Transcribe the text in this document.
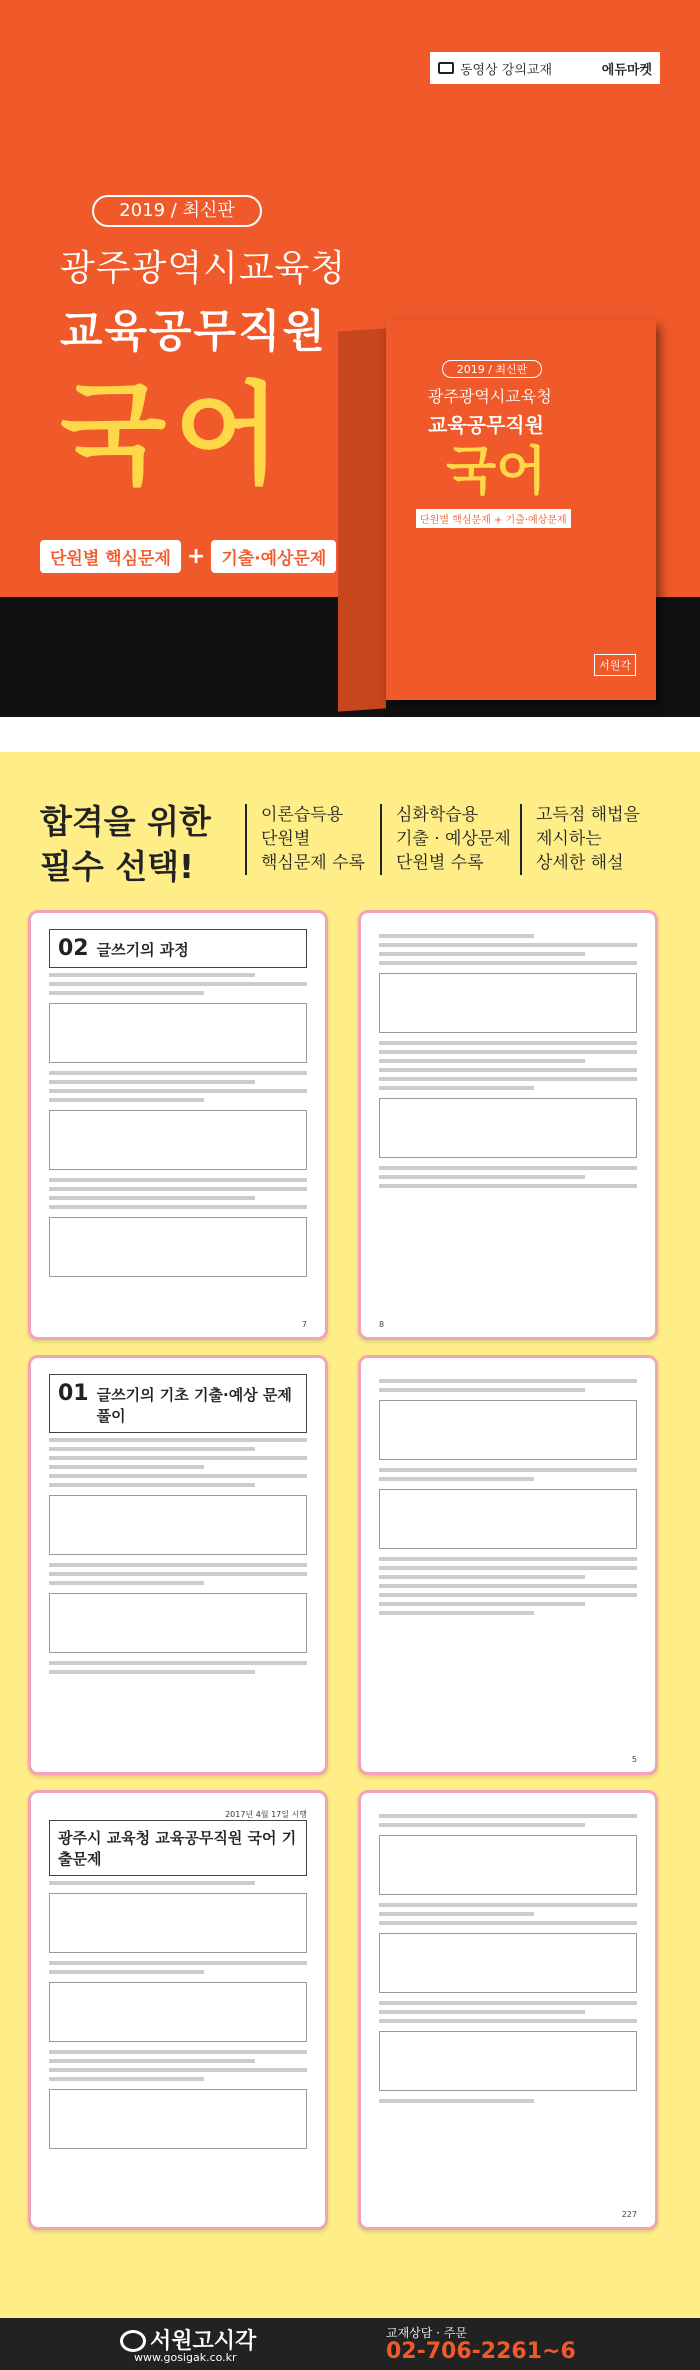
동영상 강의교재	에듀마켓
2019 / 최신판
광주광역시교육청
교육공무직원
국어
단원별 핵심문제 + 기출·예상문제
2019 / 최신판
광주광역시교육청
교육공무직원
국어
단원별 핵심문제 + 기출·예상문제
서원각
합격을 위한
필수 선택!
이론습득용
단원별
핵심문제 수록
심화학습용
기출 · 예상문제
단원별 수록
고득점 해법을
제시하는
상세한 해설
02 글쓰기의 과정
7	8
01 글쓰기의 기초 기출·예상 문제풀이
5
2017년 4월 17일 시행
광주시 교육청 교육공무직원 국어 기출문제
227
서원고시각
www.gosigak.co.kr
교재상담 · 주문
02-706-2261~6
